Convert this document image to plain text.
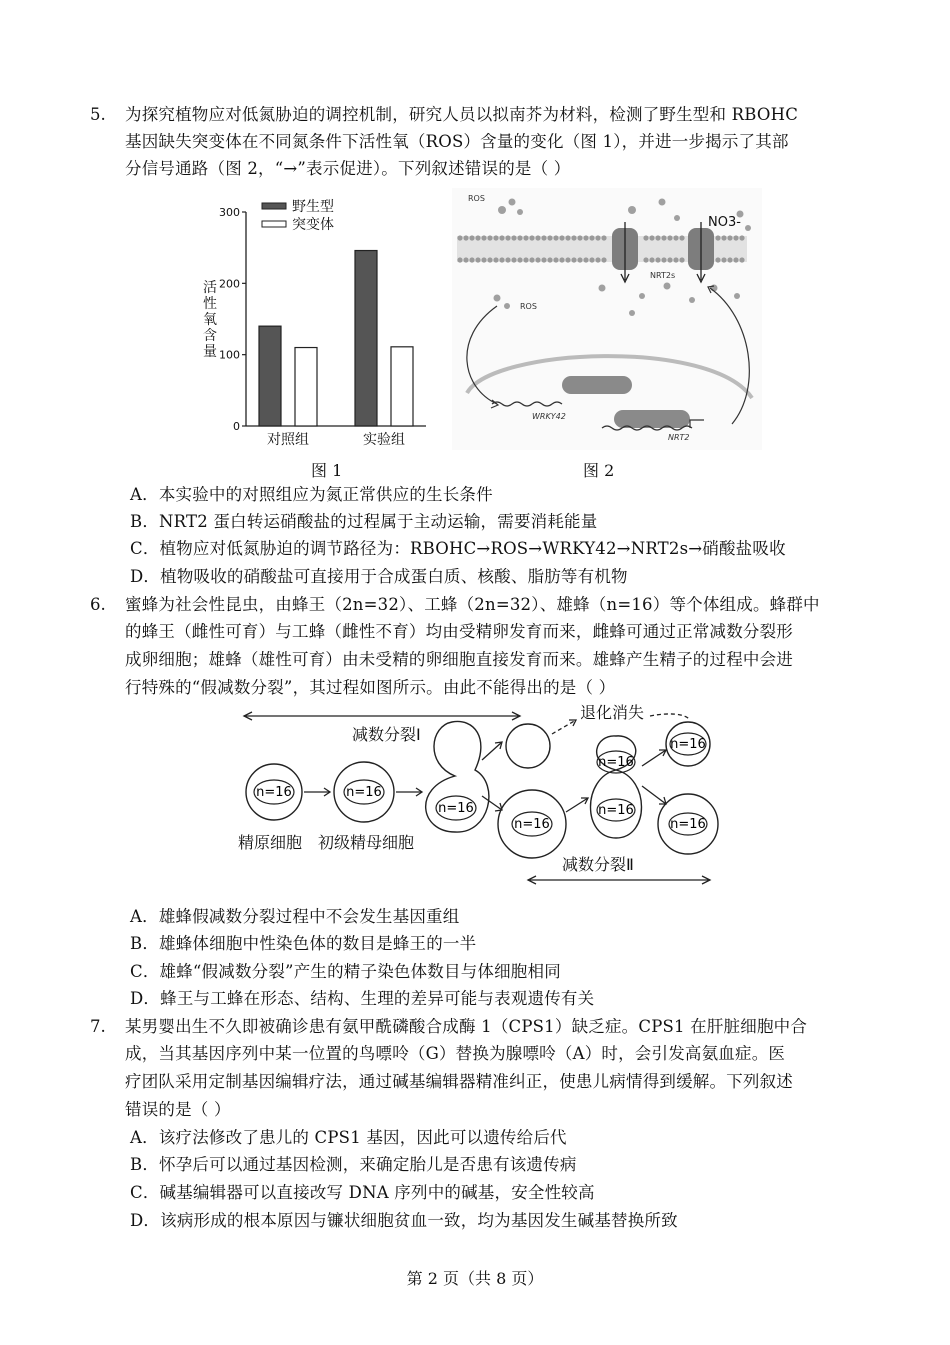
5. 为探究植物应对低氮胁迫的调控机制，研究人员以拟南芥为材料，检测了野生型和 RBOHC
基因缺失突变体在不同氮条件下活性氧（ROS）含量的变化（图 1），并进一步揭示了其部
分信号通路（图 2，“→”表示促进）。下列叙述错误的是（ ）
0
100
200
300	野生型
突变体
活
性
氧
含
量
对照组	实验组
图 1
ROS
ROS
NO3-
NRT2s
WRKY42
NRT2
图 2
A．本实验中的对照组应为氮正常供应的生长条件
B．NRT2 蛋白转运硝酸盐的过程属于主动运输，需要消耗能量
C．植物应对低氮胁迫的调节路径为：RBOHC→ROS→WRKY42→NRT2s→硝酸盐吸收
D．植物吸收的硝酸盐可直接用于合成蛋白质、核酸、脂肪等有机物
6. 蜜蜂为社会性昆虫，由蜂王（2n=32）、工蜂（2n=32）、雄蜂（n=16）等个体组成。蜂群中
的蜂王（雌性可育）与工蜂（雌性不育）均由受精卵发育而来，雌蜂可通过正常减数分裂形
成卵细胞；雄蜂（雄性可育）由未受精的卵细胞直接发育而来。雄蜂产生精子的过程中会进
行特殊的“假减数分裂”，其过程如图所示。由此不能得出的是（ ）
减数分裂Ⅰ
退化消失
n=16	n=16
n=16
n=16
n=16
n=16
n=16
n=16
精原细胞 初级精母细胞
减数分裂Ⅱ
A．雄蜂假减数分裂过程中不会发生基因重组
B．雄蜂体细胞中性染色体的数目是蜂王的一半
C．雄蜂“假减数分裂”产生的精子染色体数目与体细胞相同
D．蜂王与工蜂在形态、结构、生理的差异可能与表观遗传有关
7. 某男婴出生不久即被确诊患有氨甲酰磷酸合成酶 1（CPS1）缺乏症。CPS1 在肝脏细胞中合
成，当其基因序列中某一位置的鸟嘌呤（G）替换为腺嘌呤（A）时，会引发高氨血症。医
疗团队采用定制基因编辑疗法，通过碱基编辑器精准纠正，使患儿病情得到缓解。下列叙述
错误的是（ ）
A．该疗法修改了患儿的 CPS1 基因，因此可以遗传给后代
B．怀孕后可以通过基因检测，来确定胎儿是否患有该遗传病
C．碱基编辑器可以直接改写 DNA 序列中的碱基，安全性较高
D．该病形成的根本原因与镰状细胞贫血一致，均为基因发生碱基替换所致
第 2 页（共 8 页）
